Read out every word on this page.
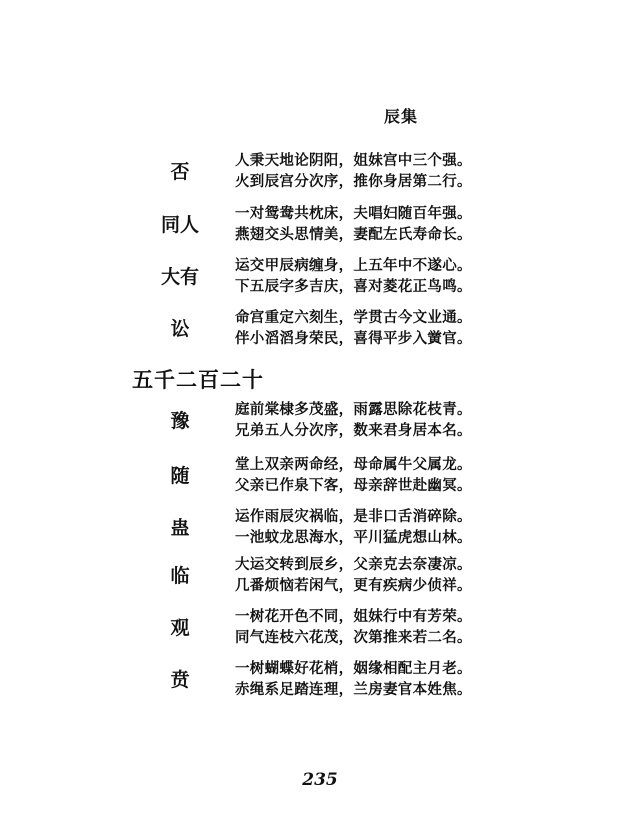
辰集
否
人秉天地论阴阳，姐妹宫中三个强。
火到辰宫分次序，推你身居第二行。
同人
一对鸳鸯共枕床，夫唱妇随百年强。
燕翅交头思情美，妻配左氏寿命长。
大有
运交甲辰病缠身，上五年中不遂心。
下五辰字多吉庆，喜对菱花正鸟鸣。
讼
命宫重定六刻生，学贯古今文业通。
伴小滔滔身荣民，喜得平步入黉官。
五千二百二十
豫
庭前棠棣多茂盛，雨露思除花枝青。
兄弟五人分次序，数来君身居本名。
随
堂上双亲两命经，母命属牛父属龙。
父亲已作泉下客，母亲辞世赴幽冥。
蛊
运作雨辰灾祸临，是非口舌消碎除。
一池蚊龙思海水，平川猛虎想山林。
临
大运交转到辰乡，父亲克去奈凄凉。
几番烦恼若闲气，更有疾病少侦祥。
观
一树花开色不同，姐妹行中有芳荣。
同气连枝六花茂，次第推来若二名。
贲
一树蝴蝶好花梢，姻缘相配主月老。
赤绳系足踏连理，兰房妻官本姓焦。
235
